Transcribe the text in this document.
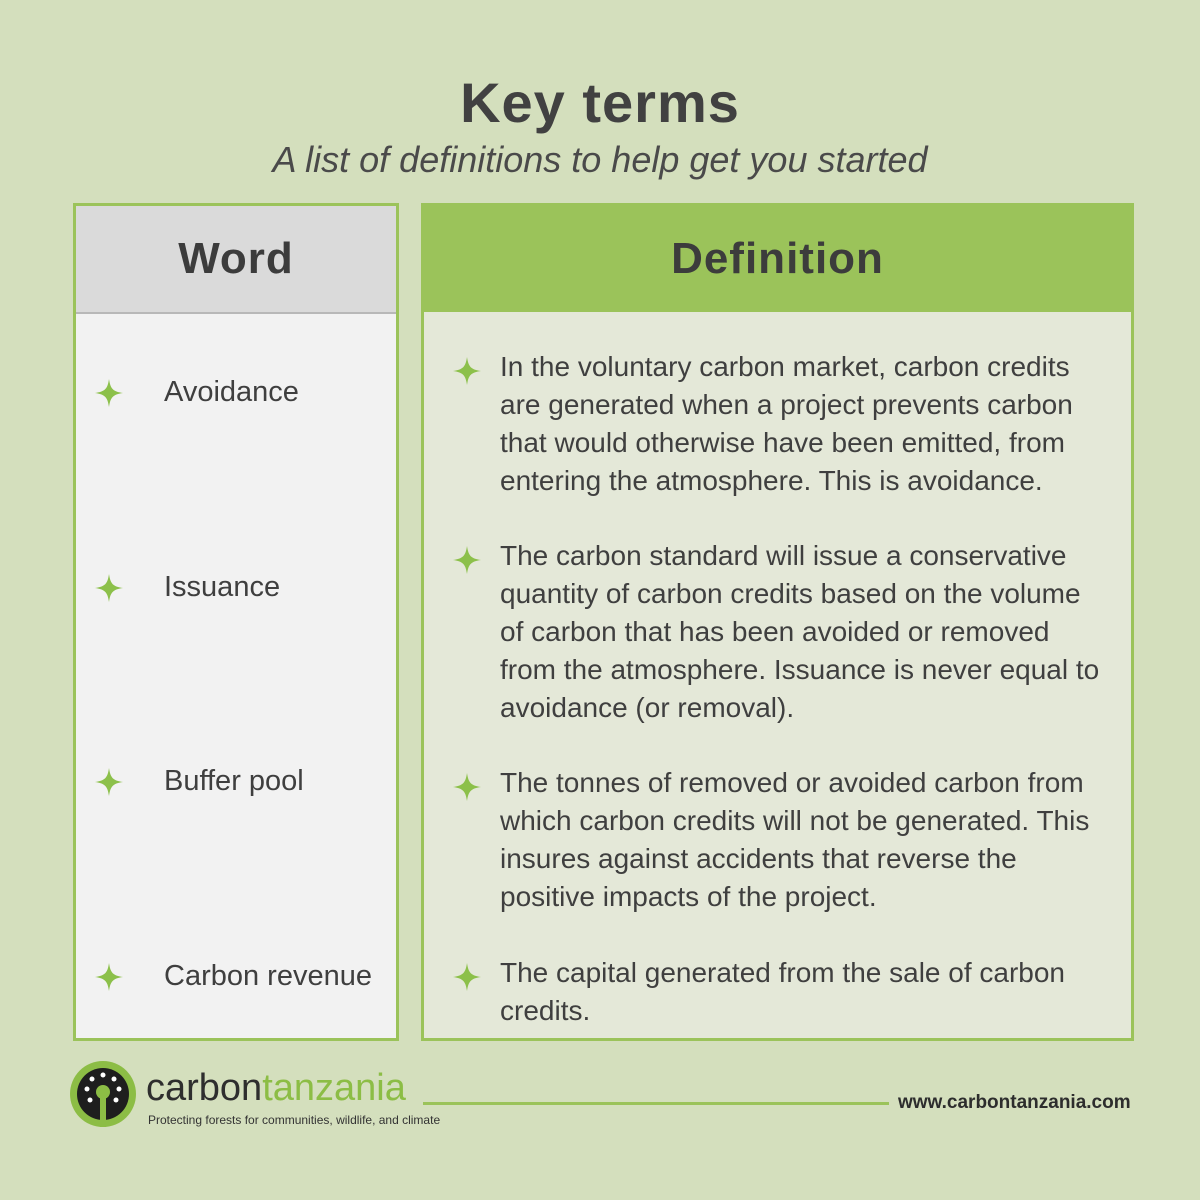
Key terms
A list of definitions to help get you started
Word
Avoidance
Issuance
Buffer pool
Carbon revenue
Definition
In the voluntary carbon market, carbon credits are generated when a project prevents carbon that would otherwise have been emitted, from entering the atmosphere. This is avoidance.
The carbon standard will issue a conservative quantity of carbon credits based on the volume of carbon that has been avoided or removed from the atmosphere. Issuance is never equal to avoidance (or removal).
The tonnes of removed or avoided carbon from which carbon credits will not be generated. This insures against accidents that reverse the positive impacts of the project.
The capital generated from the sale of carbon credits.
carbontanzania
Protecting forests for communities, wildlife, and climate
www.carbontanzania.com
